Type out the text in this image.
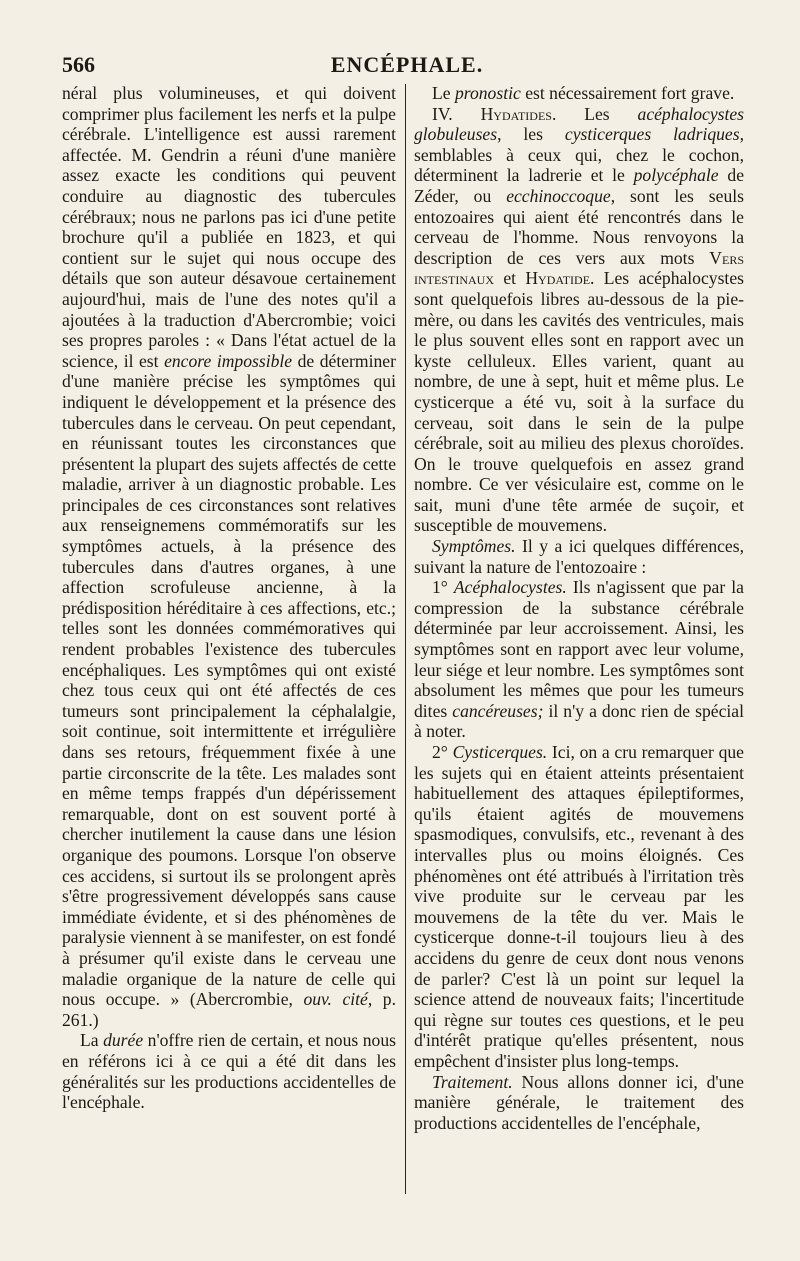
566	ENCÉPHALE.

néral plus volumineuses, et qui doivent comprimer plus facilement les nerfs et la pulpe cérébrale. L'intelligence est aussi rarement affectée. M. Gendrin a réuni d'une manière assez exacte les conditions qui peuvent conduire au diagnostic des tubercules cérébraux; nous ne parlons pas ici d'une petite brochure qu'il a publiée en 1823, et qui contient sur le sujet qui nous occupe des détails que son auteur désavoue certainement aujourd'hui, mais de l'une des notes qu'il a ajoutées à la traduction d'Abercrombie; voici ses propres paroles : « Dans l'état actuel de la science, il est encore impossible de déterminer d'une manière précise les symptômes qui indiquent le développement et la présence des tubercules dans le cerveau. On peut cependant, en réunissant toutes les circonstances que présentent la plupart des sujets affectés de cette maladie, arriver à un diagnostic probable. Les principales de ces circonstances sont relatives aux renseignemens commémoratifs sur les symptômes actuels, à la présence des tubercules dans d'autres organes, à une affection scrofuleuse ancienne, à la prédisposition héréditaire à ces affections, etc.; telles sont les données commémoratives qui rendent probables l'existence des tubercules encéphaliques. Les symptômes qui ont existé chez tous ceux qui ont été affectés de ces tumeurs sont principalement la céphalalgie, soit continue, soit intermittente et irrégulière dans ses retours, fréquemment fixée à une partie circonscrite de la tête. Les malades sont en même temps frappés d'un dépérissement remarquable, dont on est souvent porté à chercher inutilement la cause dans une lésion organique des poumons. Lorsque l'on observe ces accidens, si surtout ils se prolongent après s'être progressivement développés sans cause immédiate évidente, et si des phénomènes de paralysie viennent à se manifester, on est fondé à présumer qu'il existe dans le cerveau une maladie organique de la nature de celle qui nous occupe. » (Abercrombie, ouv. cité, p. 261.)

La durée n'offre rien de certain, et nous nous en référons ici à ce qui a été dit dans les généralités sur les productions accidentelles de l'encéphale.

Le pronostic est nécessairement fort grave.

IV. Hydatides. Les acéphalocystes globuleuses, les cysticerques ladriques, semblables à ceux qui, chez le cochon, déterminent la ladrerie et le polycéphale de Zéder, ou ecchinoccoque, sont les seuls entozoaires qui aient été rencontrés dans le cerveau de l'homme. Nous renvoyons la description de ces vers aux mots Vers intestinaux et Hydatide. Les acéphalocystes sont quelquefois libres au-dessous de la pie-mère, ou dans les cavités des ventricules, mais le plus souvent elles sont en rapport avec un kyste celluleux. Elles varient, quant au nombre, de une à sept, huit et même plus. Le cysticerque a été vu, soit à la surface du cerveau, soit dans le sein de la pulpe cérébrale, soit au milieu des plexus choroïdes. On le trouve quelquefois en assez grand nombre. Ce ver vésiculaire est, comme on le sait, muni d'une tête armée de suçoir, et susceptible de mouvemens.

Symptômes. Il y a ici quelques différences, suivant la nature de l'entozoaire :

1° Acéphalocystes. Ils n'agissent que par la compression de la substance cérébrale déterminée par leur accroissement. Ainsi, les symptômes sont en rapport avec leur volume, leur siége et leur nombre. Les symptômes sont absolument les mêmes que pour les tumeurs dites cancéreuses; il n'y a donc rien de spécial à noter.

2° Cysticerques. Ici, on a cru remarquer que les sujets qui en étaient atteints présentaient habituellement des attaques épileptiformes, qu'ils étaient agités de mouvemens spasmodiques, convulsifs, etc., revenant à des intervalles plus ou moins éloignés. Ces phénomènes ont été attribués à l'irritation très vive produite sur le cerveau par les mouvemens de la tête du ver. Mais le cysticerque donne-t-il toujours lieu à des accidens du genre de ceux dont nous venons de parler? C'est là un point sur lequel la science attend de nouveaux faits; l'incertitude qui règne sur toutes ces questions, et le peu d'intérêt pratique qu'elles présentent, nous empêchent d'insister plus long-temps.

Traitement. Nous allons donner ici, d'une manière générale, le traitement des productions accidentelles de l'encéphale,
